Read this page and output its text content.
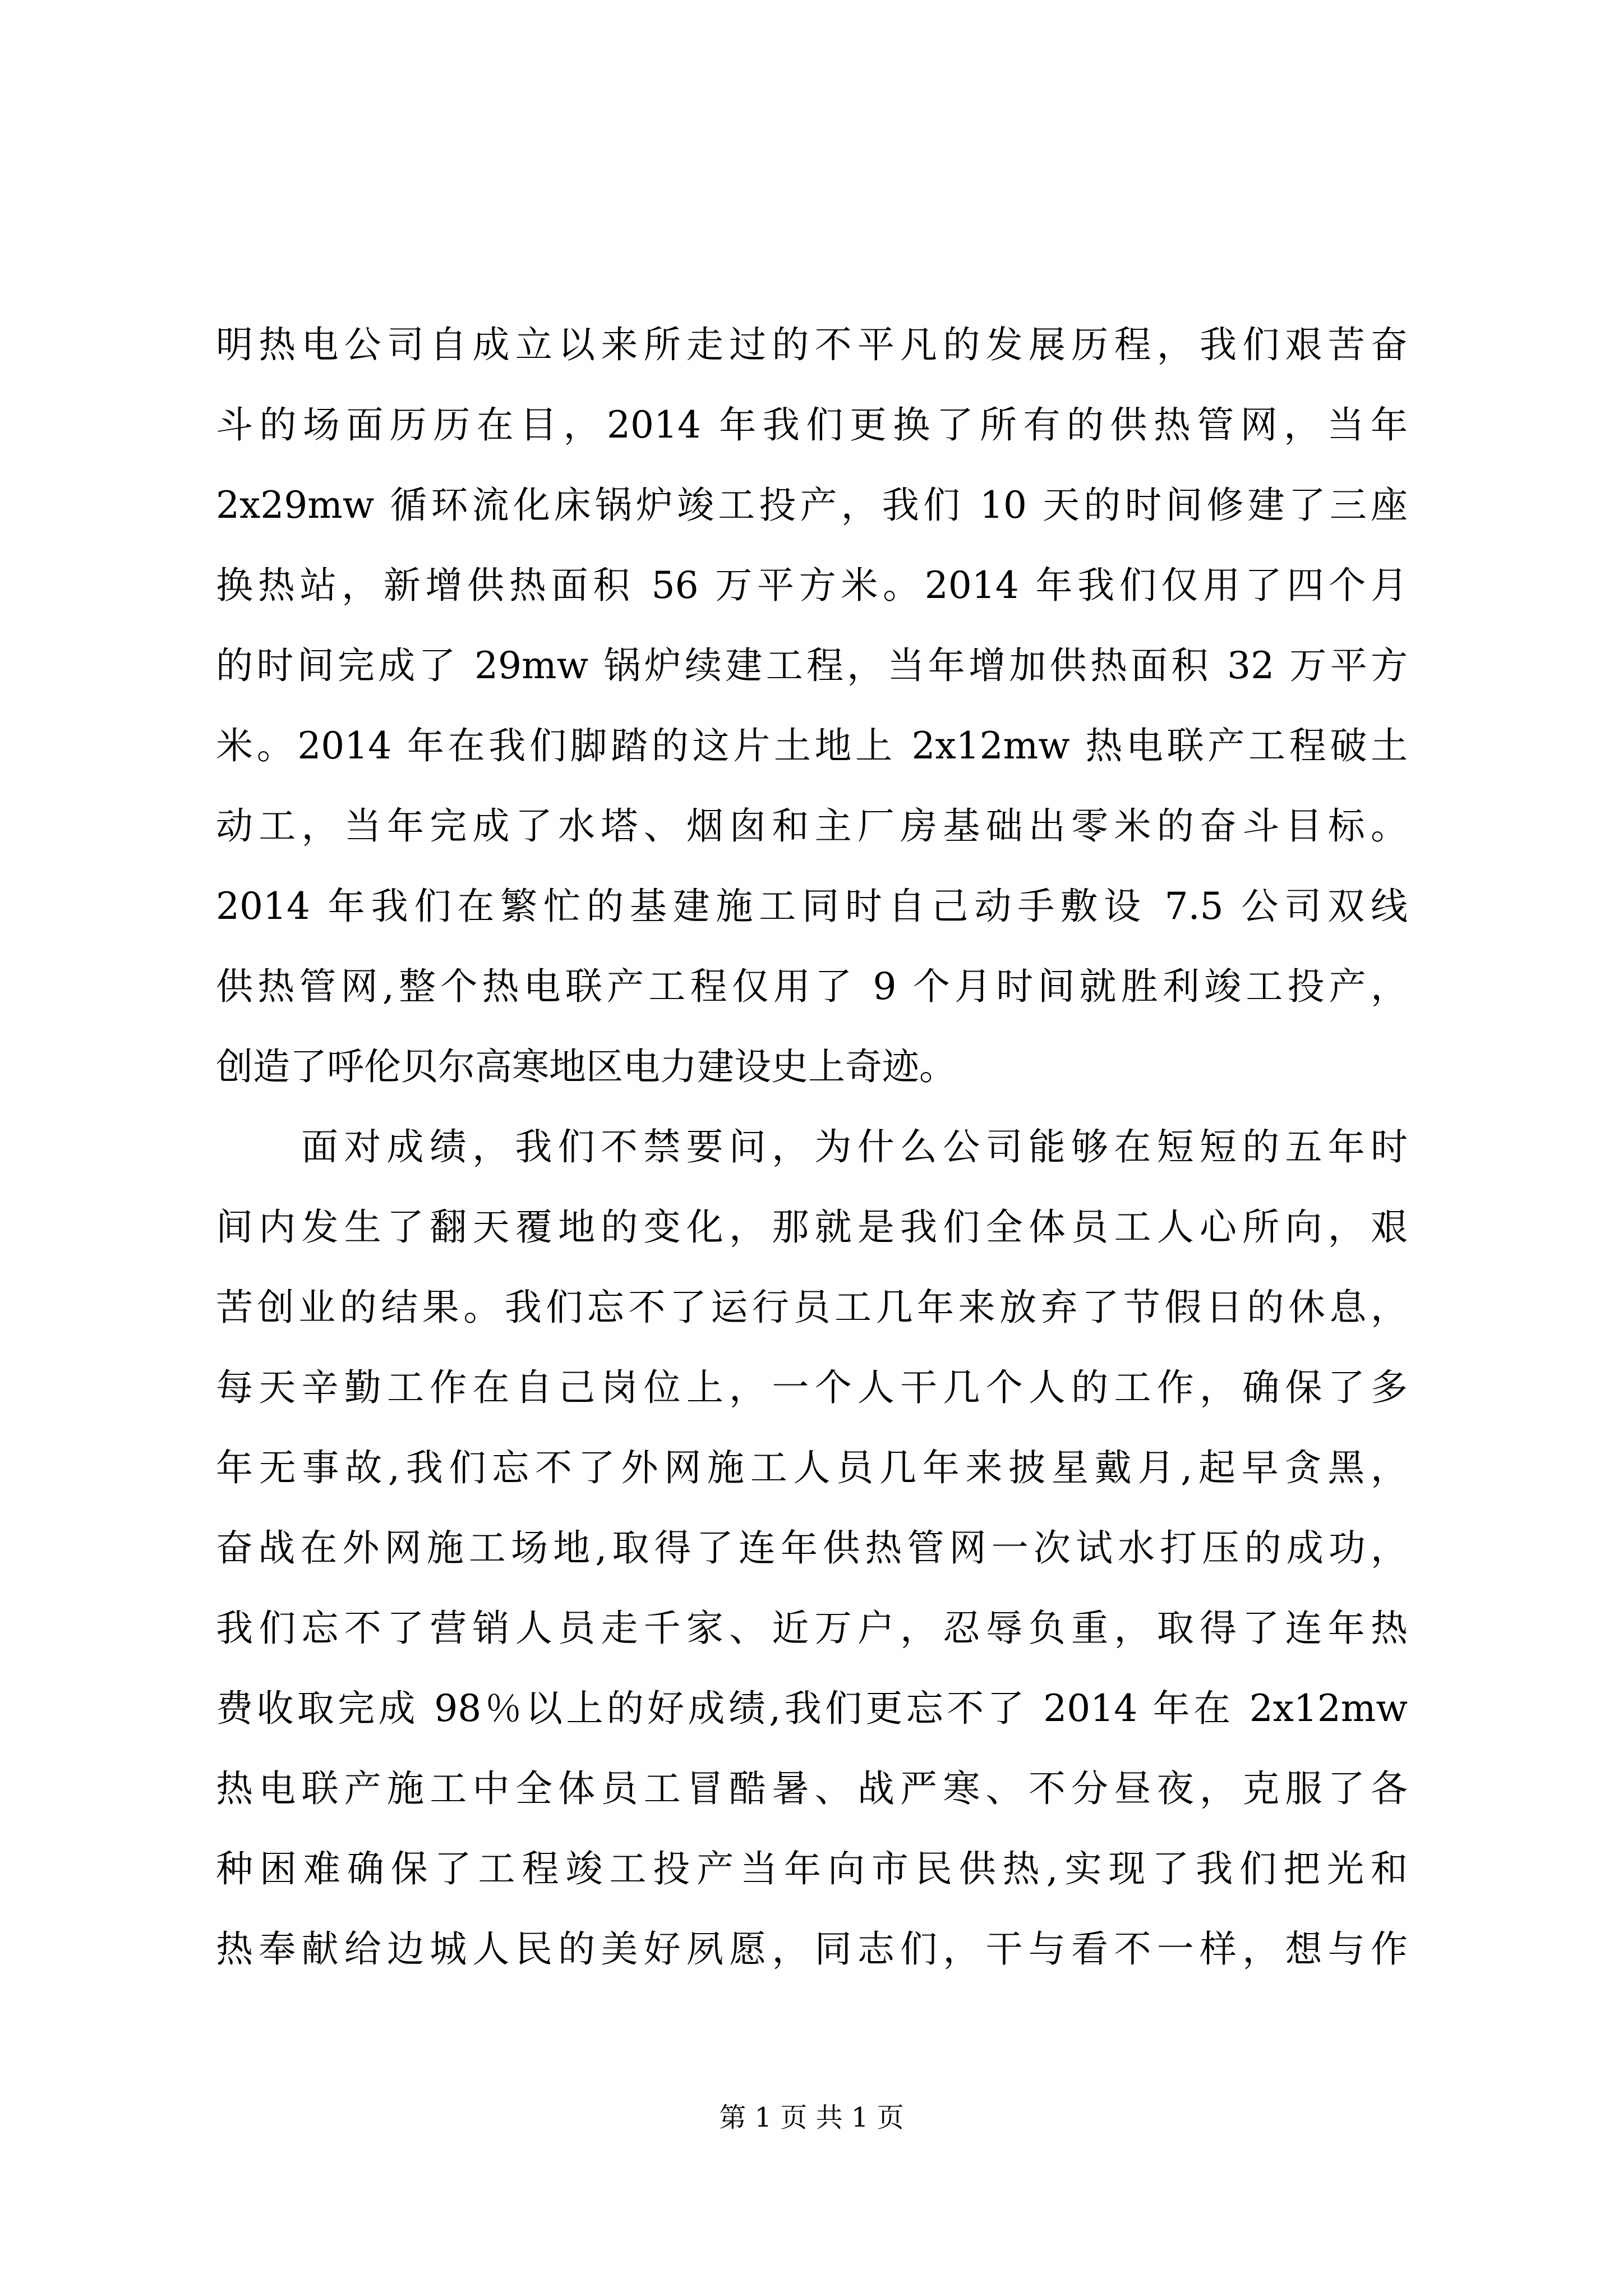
明热电公司自成立以来所走过的不平凡的发展历程，我们艰苦奋
斗的场面历历在目，2014 年我们更换了所有的供热管网，当年
2x29mw 循环流化床锅炉竣工投产，我们 10 天的时间修建了三座
换热站，新增供热面积 56 万平方米。2014 年我们仅用了四个月
的时间完成了 29mw 锅炉续建工程，当年增加供热面积 32 万平方
米。2014 年在我们脚踏的这片土地上 2x12mw 热电联产工程破土
动工，当年完成了水塔、烟囱和主厂房基础出零米的奋斗目标。
2014 年我们在繁忙的基建施工同时自己动手敷设 7.5 公司双线
供热管网,整个热电联产工程仅用了 9 个月时间就胜利竣工投产，
创造了呼伦贝尔高寒地区电力建设史上奇迹。
面对成绩，我们不禁要问，为什么公司能够在短短的五年时
间内发生了翻天覆地的变化，那就是我们全体员工人心所向，艰
苦创业的结果。我们忘不了运行员工几年来放弃了节假日的休息，
每天辛勤工作在自己岗位上，一个人干几个人的工作，确保了多
年无事故,我们忘不了外网施工人员几年来披星戴月,起早贪黑，
奋战在外网施工场地,取得了连年供热管网一次试水打压的成功，
我们忘不了营销人员走千家、近万户，忍辱负重，取得了连年热
费收取完成 98％以上的好成绩,我们更忘不了 2014 年在 2x12mw
热电联产施工中全体员工冒酷暑、战严寒、不分昼夜，克服了各
种困难确保了工程竣工投产当年向市民供热,实现了我们把光和
热奉献给边城人民的美好夙愿，同志们，干与看不一样，想与作
第 1 页 共 1 页
